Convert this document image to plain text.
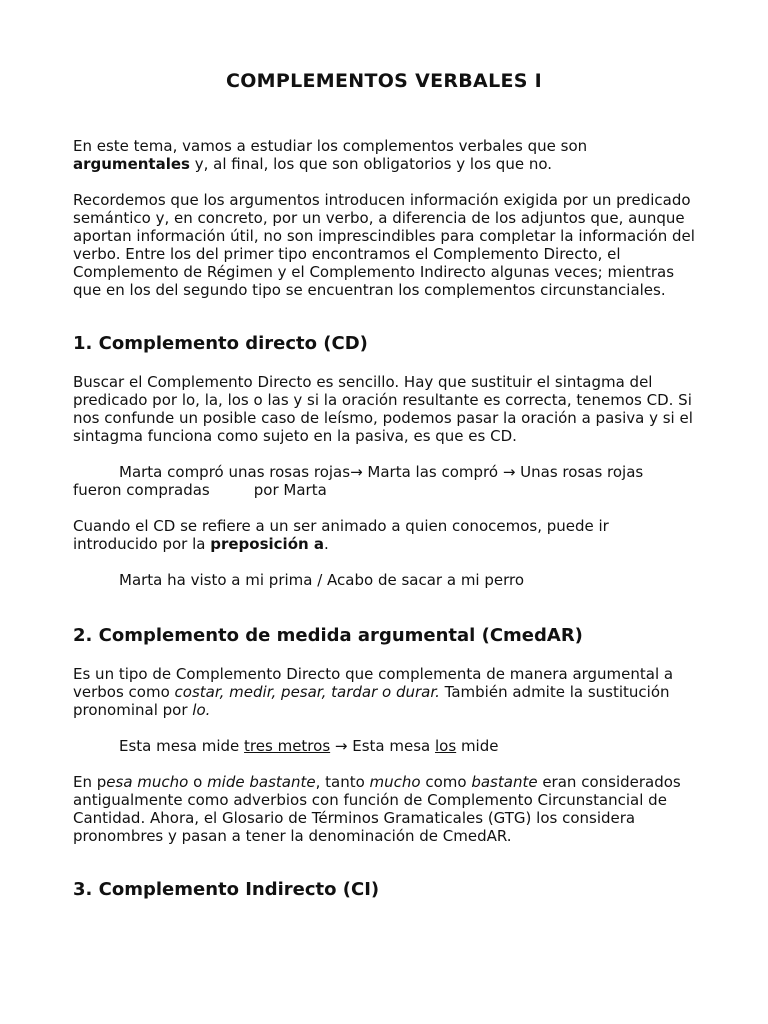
COMPLEMENTOS VERBALES I

En este tema, vamos a estudiar los complementos verbales que son argumentales y, al final, los que son obligatorios y los que no.

Recordemos que los argumentos introducen información exigida por un predicado semántico y, en concreto, por un verbo, a diferencia de los adjuntos que, aunque aportan información útil, no son imprescindibles para completar la información del verbo. Entre los del primer tipo encontramos el Complemento Directo, el Complemento de Régimen y el Complemento Indirecto algunas veces; mientras que en los del segundo tipo se encuentran los complementos circunstanciales.

1. Complemento directo (CD)

Buscar el Complemento Directo es sencillo. Hay que sustituir el sintagma del predicado por lo, la, los o las y si la oración resultante es correcta, tenemos CD. Si nos confunde un posible caso de leísmo, podemos pasar la oración a pasiva y si el sintagma funciona como sujeto en la pasiva, es que es CD.

Marta compró unas rosas rojas→ Marta las compró → Unas rosas rojas fueron compradas	por Marta

Cuando el CD se refiere a un ser animado a quien conocemos, puede ir introducido por la preposición a.

Marta ha visto a mi prima / Acabo de sacar a mi perro

2. Complemento de medida argumental (CmedAR)

Es un tipo de Complemento Directo que complementa de manera argumental a verbos como costar, medir, pesar, tardar o durar. También admite la sustitución pronominal por lo.

Esta mesa mide tres metros → Esta mesa los mide

En pesa mucho o mide bastante, tanto mucho como bastante eran considerados antigualmente como adverbios con función de Complemento Circunstancial de Cantidad. Ahora, el Glosario de Términos Gramaticales (GTG) los considera pronombres y pasan a tener la denominación de CmedAR.

3. Complemento Indirecto (CI)
